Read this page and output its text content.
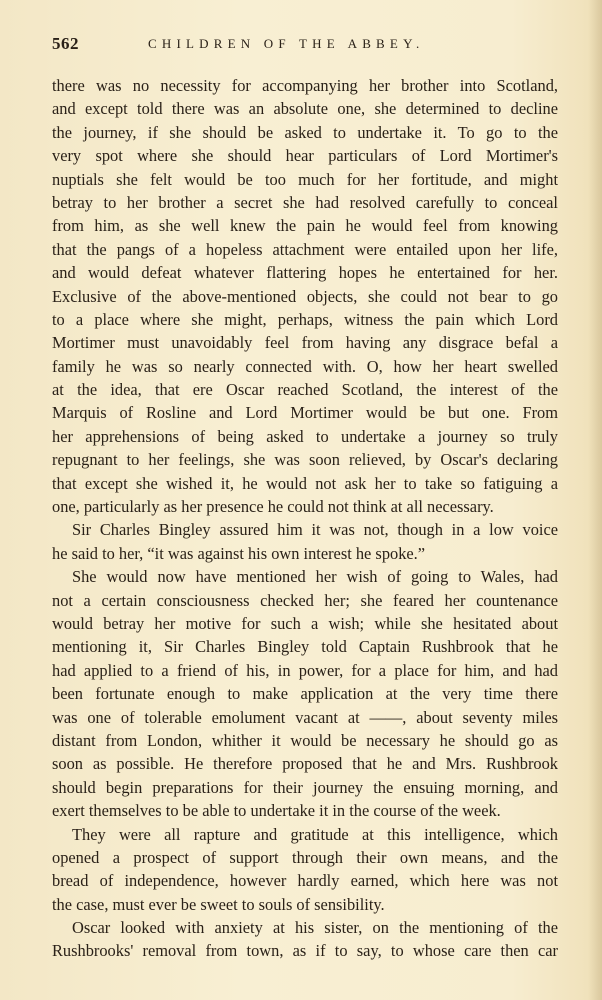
562	CHILDREN OF THE ABBEY.
there was no necessity for accompanying her brother into Scotland,
and except told there was an absolute one, she determined to decline
the journey, if she should be asked to undertake it. To go to the
very spot where she should hear particulars of Lord Mortimer's
nuptials she felt would be too much for her fortitude, and might
betray to her brother a secret she had resolved carefully to conceal
from him, as she well knew the pain he would feel from knowing
that the pangs of a hopeless attachment were entailed upon her life,
and would defeat whatever flattering hopes he entertained for her.
Exclusive of the above-mentioned objects, she could not bear to go
to a place where she might, perhaps, witness the pain which Lord
Mortimer must unavoidably feel from having any disgrace befal a
family he was so nearly connected with. O, how her heart swelled
at the idea, that ere Oscar reached Scotland, the interest of the
Marquis of Rosline and Lord Mortimer would be but one. From
her apprehensions of being asked to undertake a journey so truly
repugnant to her feelings, she was soon relieved, by Oscar's declaring
that except she wished it, he would not ask her to take so fatiguing a
one, particularly as her presence he could not think at all necessary.
Sir Charles Bingley assured him it was not, though in a low voice
he said to her, “it was against his own interest he spoke.”
She would now have mentioned her wish of going to Wales, had
not a certain consciousness checked her; she feared her countenance
would betray her motive for such a wish; while she hesitated about
mentioning it, Sir Charles Bingley told Captain Rushbrook that he
had applied to a friend of his, in power, for a place for him, and had
been fortunate enough to make application at the very time there
was one of tolerable emolument vacant at ——, about seventy miles
distant from London, whither it would be necessary he should go as
soon as possible. He therefore proposed that he and Mrs. Rushbrook
should begin preparations for their journey the ensuing morning, and
exert themselves to be able to undertake it in the course of the week.
They were all rapture and gratitude at this intelligence, which
opened a prospect of support through their own means, and the
bread of independence, however hardly earned, which here was not
the case, must ever be sweet to souls of sensibility.
Oscar looked with anxiety at his sister, on the mentioning of the
Rushbrooks' removal from town, as if to say, to whose care then car
